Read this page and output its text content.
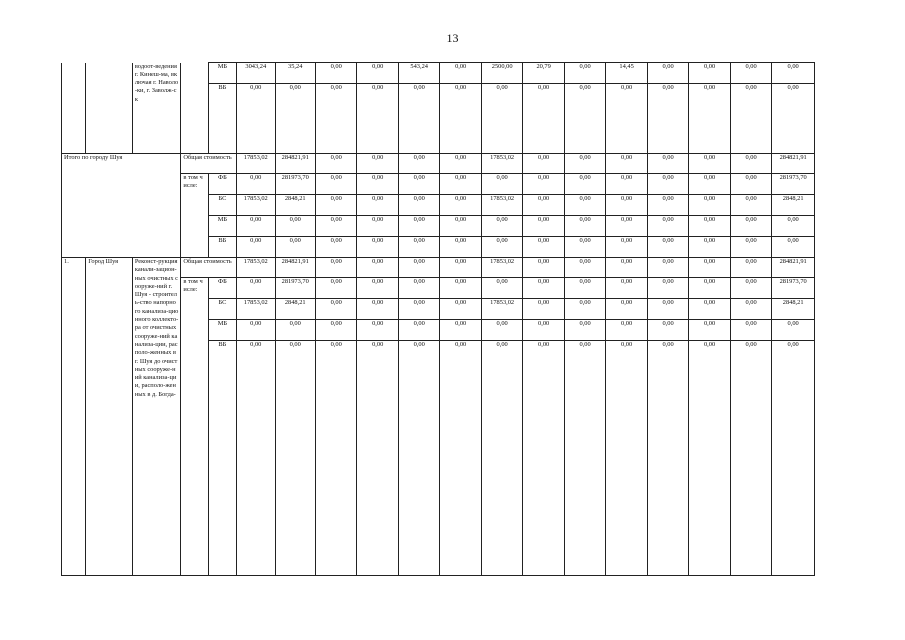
13
		водоот-ведения г. Кинеш-ма, включая г. Наволо-ки, г. Заволж-ск		МБ	3043,24	35,24	0,00	0,00	543,24	0,00	2500,00	20,79	0,00	14,45	0,00	0,00	0,00	0,00
				ВБ	0,00	0,00	0,00	0,00	0,00	0,00	0,00	0,00	0,00	0,00	0,00	0,00	0,00	0,00
Итого по городу Шуя			Общая стоимость		17853,02	284821,91	0,00	0,00	0,00	0,00	17853,02	0,00	0,00	0,00	0,00	0,00	0,00	284821,91
			в том числе:	ФБ	0,00	281973,70	0,00	0,00	0,00	0,00	0,00	0,00	0,00	0,00	0,00	0,00	0,00	281973,70
				БС	17853,02	2848,21	0,00	0,00	0,00	0,00	17853,02	0,00	0,00	0,00	0,00	0,00	0,00	2848,21
				МБ	0,00	0,00	0,00	0,00	0,00	0,00	0,00	0,00	0,00	0,00	0,00	0,00	0,00	0,00
				ВБ	0,00	0,00	0,00	0,00	0,00	0,00	0,00	0,00	0,00	0,00	0,00	0,00	0,00	0,00
1.	Город Шуя	Реконст-рукция канали-зацион-ных очистных сооруже-ний г. Шуя - строитель-ство напорного канализа-ционного коллекто-ра от очистных сооруже-ний канализа-ции, располо-женных в г. Шуя до очистных сооруже-ний канализа-ции, располо-женных в д. Богда-	Общая стоимость		17853,02	284821,91	0,00	0,00	0,00	0,00	17853,02	0,00	0,00	0,00	0,00	0,00	0,00	284821,91
			в том числе:	ФБ	0,00	281973,70	0,00	0,00	0,00	0,00	0,00	0,00	0,00	0,00	0,00	0,00	0,00	281973,70
				БС	17853,02	2848,21	0,00	0,00	0,00	0,00	17853,02	0,00	0,00	0,00	0,00	0,00	0,00	2848,21
				МБ	0,00	0,00	0,00	0,00	0,00	0,00	0,00	0,00	0,00	0,00	0,00	0,00	0,00	0,00
				ВБ	0,00	0,00	0,00	0,00	0,00	0,00	0,00	0,00	0,00	0,00	0,00	0,00	0,00	0,00
